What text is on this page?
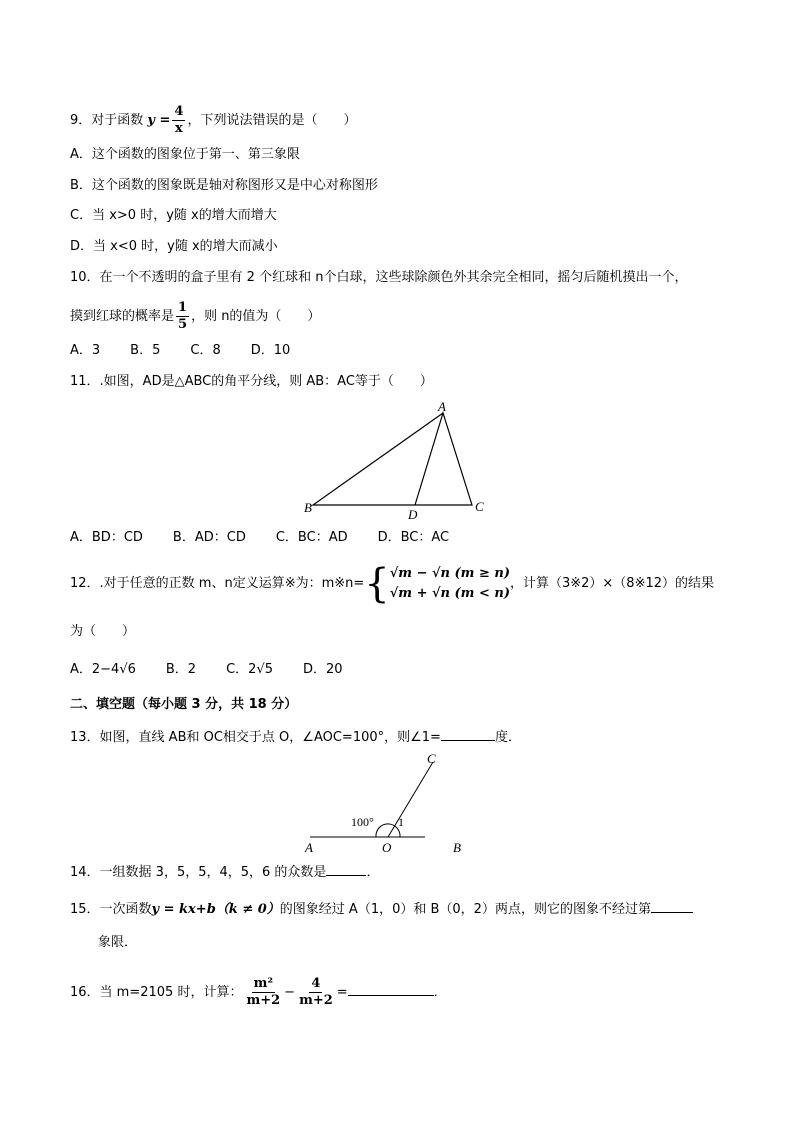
9．对于函数 $y = \frac{4}{x}$ ，下列说法错误的是（　　）
A．这个函数的图象位于第一、第三象限
B．这个函数的图象既是轴对称图形又是中心对称图形
C．当 x>0 时，y随 x的增大而增大
D．当 x<0 时，y随 x的增大而减小
10．在一个不透明的盒子里有 2 个红球和 n个白球，这些球除颜色外其余完全相同，摇匀后随机摸出一个，
摸到红球的概率是 $\frac{1}{5}$ ，则 n的值为（　　）
A．3 B．5 C．8 D．10
11．.如图，AD是△ABC的角平分线，则 AB：AC等于（　　）
A
B	C
D
A	O	B
C
100° 1
A．BD：CD B．AD：CD C．BC：AD D．BC：AC
12．.对于任意的正数 m、n定义运算※为：m※n= { √m − √n (m ≥ n)
√m + √n (m < n)
，计算（3※2）×（8※12）的结果
为（　　）
A．2−4√6 B．2 C．2√5 D．20
二、填空题（每小题 3 分，共 18 分）
13．如图，直线 AB和 OC相交于点 O，∠AOC=100°，则∠1=	度．
14．一组数据 3，5，5，4，5，6 的众数是	．
15．一次函数y = kx+b（k ≠ 0）的图象经过 A（1，0）和 B（0，2）两点，则它的图象不经过第
象限．
16．当 m=2105 时，计算： $\frac{\text{m²}}{m+2} - \frac{4}{m+2}$ =	．
